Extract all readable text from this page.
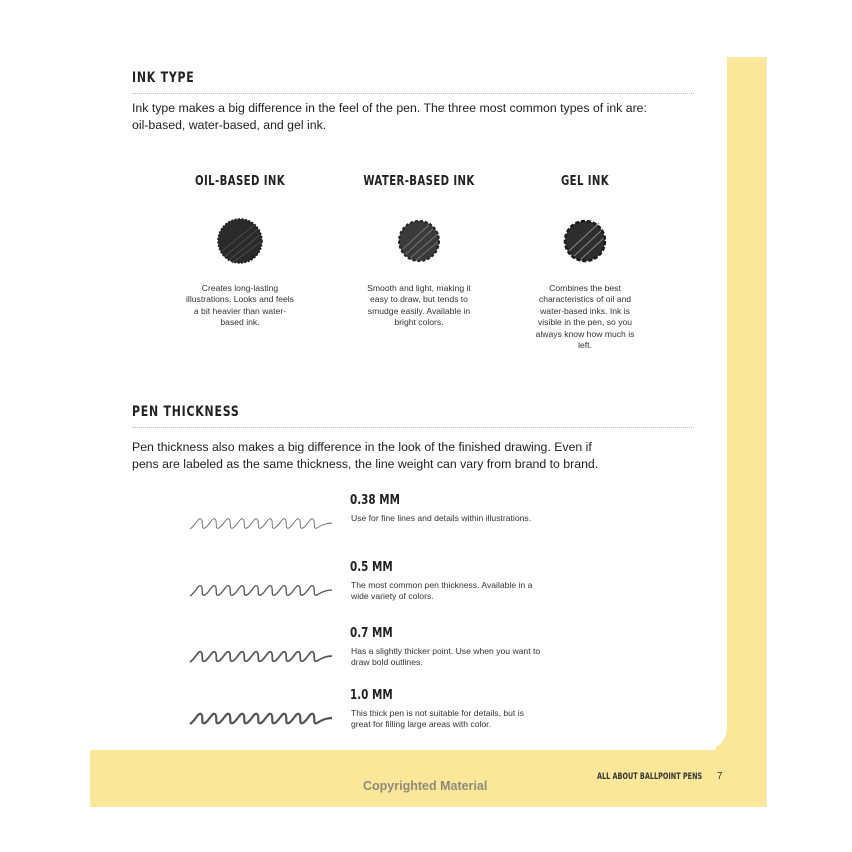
INK TYPE

Ink type makes a big difference in the feel of the pen. The three most common types of ink are: oil-based, water-based, and gel ink.

OIL-BASED INK
Creates long-lasting illustrations. Looks and feels a bit heavier than water-based ink.
WATER-BASED INK
Smooth and light, making it easy to draw, but tends to smudge easily. Available in bright colors.
GEL INK
Combines the best characteristics of oil and water-based inks. Ink is visible in the pen, so you always know how much is left.
PEN THICKNESS

Pen thickness also makes a big difference in the look of the finished drawing. Even if pens are labeled as the same thickness, the line weight can vary from brand to brand.

0.38 MM
Use for fine lines and details within illustrations.
0.5 MM
The most common pen thickness. Available in a wide variety of colors.
0.7 MM
Has a slightly thicker point. Use when you want to draw bold outlines.
1.0 MM
This thick pen is not suitable for details, but is great for filling large areas with color.
Copyrighted Material
ALL ABOUT BALLPOINT PENS 7
